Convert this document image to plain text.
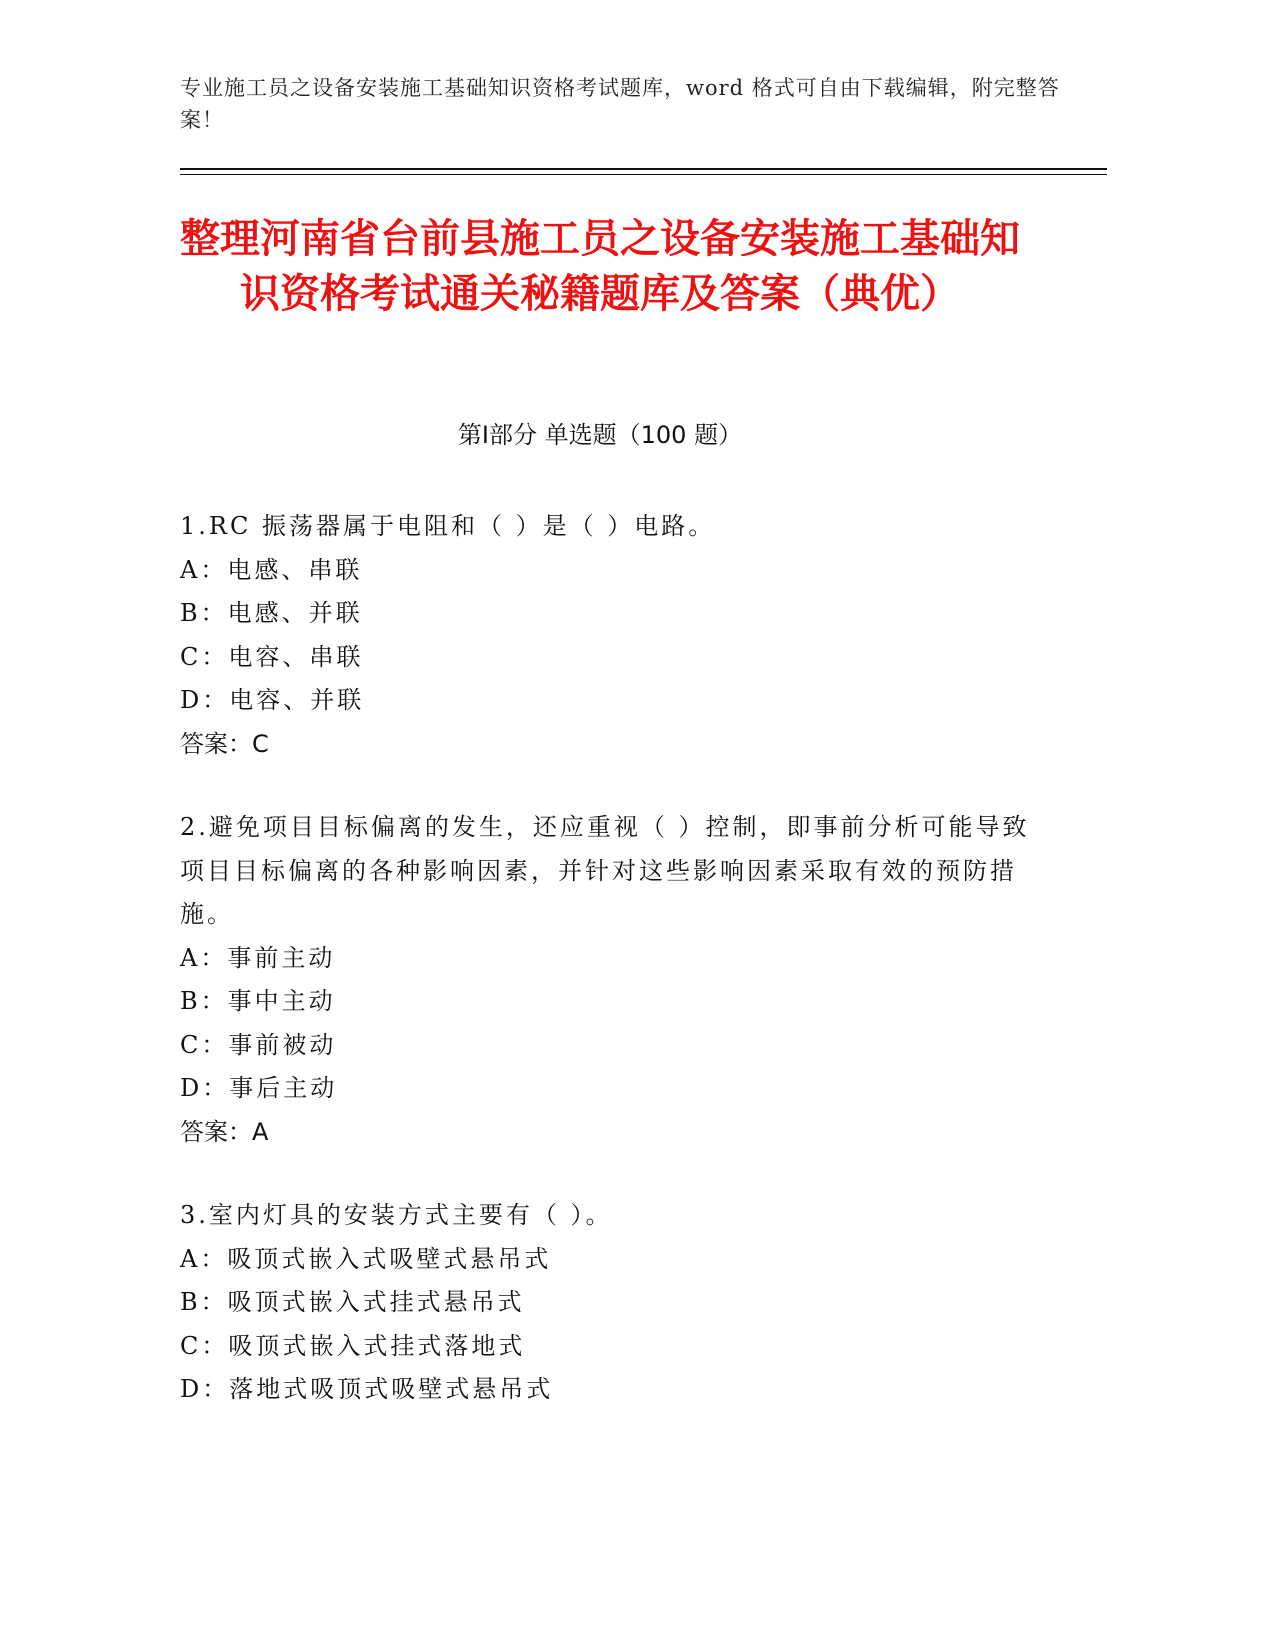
专业施工员之设备安装施工基础知识资格考试题库，word 格式可自由下载编辑，附完整答案！
整理河南省台前县施工员之设备安装施工基础知识资格考试通关秘籍题库及答案（典优）
第Ⅰ部分 单选题（100 题）

1.RC 振荡器属于电阻和（ ）是（ ）电路。

A：电感、串联

B：电感、并联

C：电容、串联

D：电容、并联

答案：C

2.避免项目目标偏离的发生，还应重视（ ）控制，即事前分析可能导致项目目标偏离的各种影响因素，并针对这些影响因素采取有效的预防措施。

A：事前主动

B：事中主动

C：事前被动

D：事后主动

答案：A

3.室内灯具的安装方式主要有（ ）。

A：吸顶式嵌入式吸壁式悬吊式

B：吸顶式嵌入式挂式悬吊式

C：吸顶式嵌入式挂式落地式

D：落地式吸顶式吸壁式悬吊式
